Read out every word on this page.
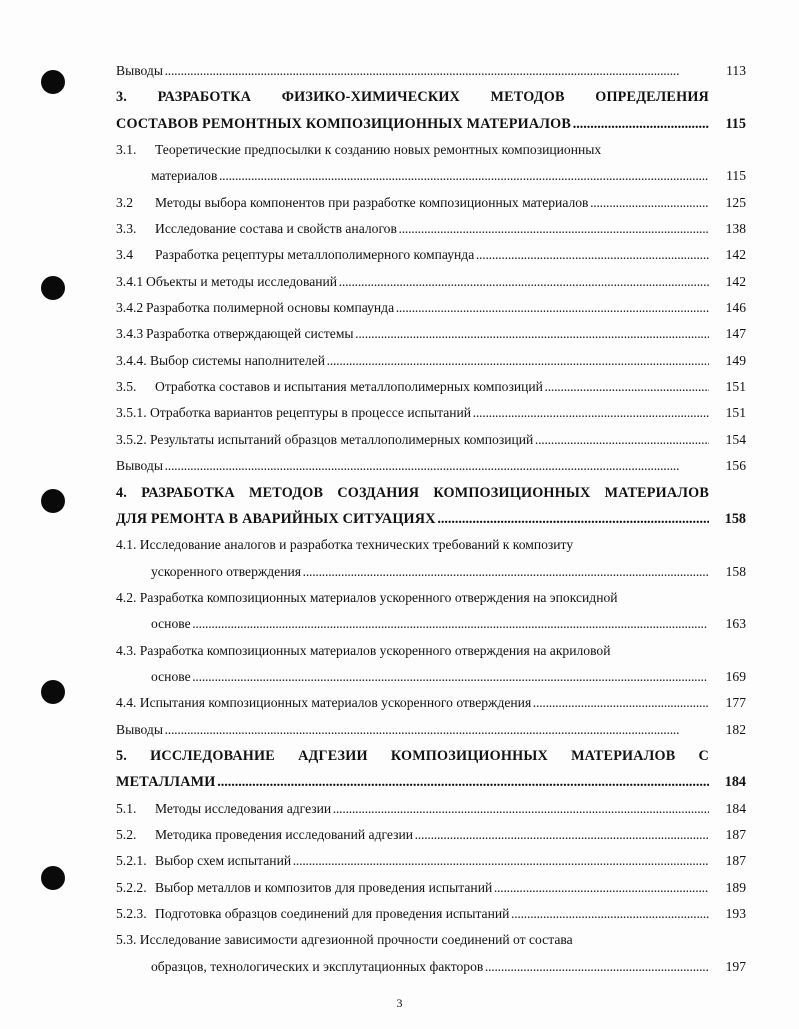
Выводы . . .	113
3. РАЗРАБОТКА ФИЗИКО-ХИМИЧЕСКИХ МЕТОДОВ ОПРЕДЕЛЕНИЯ
СОСТАВОВ РЕМОНТНЫХ КОМПОЗИЦИОННЫХ МАТЕРИАЛОВ . . .	115
3.1. Теоретические предпосылки к созданию новых ремонтных композиционных
материалов . . .	115
3.2 Методы выбора компонентов при разработке композиционных материалов . . .	125
3.3. Исследование состава и свойств аналогов . . .	138
3.4 Разработка рецептуры металлополимерного компаунда . . .	142
3.4.1 Объекты и методы исследований . . .	142
3.4.2 Разработка полимерной основы компаунда . . .	146
3.4.3 Разработка отверждающей системы . . .	147
3.4.4. Выбор системы наполнителей . . .	149
3.5. Отработка составов и испытания металлополимерных композиций . . .	151
3.5.1. Отработка вариантов рецептуры в процессе испытаний . . .	151
3.5.2. Результаты испытаний образцов металлополимерных композиций . . .	154
Выводы . . .	156
4. РАЗРАБОТКА МЕТОДОВ СОЗДАНИЯ КОМПОЗИЦИОННЫХ МАТЕРИАЛОВ
ДЛЯ РЕМОНТА В АВАРИЙНЫХ СИТУАЦИЯХ . . .	158
4.1. Исследование аналогов и разработка технических требований к композиту
ускоренного отверждения . . .	158
4.2. Разработка композиционных материалов ускоренного отверждения на эпоксидной
основе . . .	163
4.3. Разработка композиционных материалов ускоренного отверждения на акриловой
основе . . .	169
4.4. Испытания композиционных материалов ускоренного отверждения . . .	177
Выводы . . .	182
5. ИССЛЕДОВАНИЕ АДГЕЗИИ КОМПОЗИЦИОННЫХ МАТЕРИАЛОВ С
МЕТАЛЛАМИ . . .	184
5.1. Методы исследования адгезии . . .	184
5.2. Методика проведения исследований адгезии . . .	187
5.2.1. Выбор схем испытаний . . .	187
5.2.2. Выбор металлов и композитов для проведения испытаний . . .	189
5.2.3. Подготовка образцов соединений для проведения испытаний . . .	193
5.3. Исследование зависимости адгезионной прочности соединений от состава
образцов, технологических и эксплутационных факторов . . .	197
3
